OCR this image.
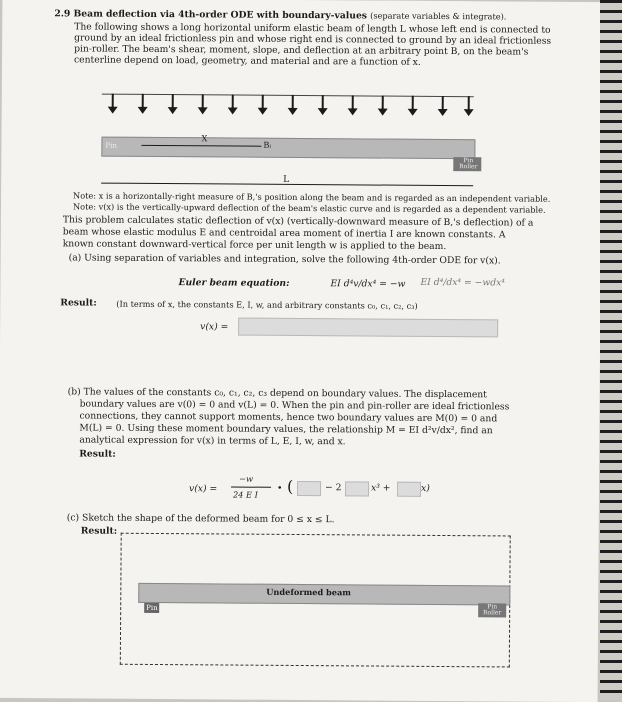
2.9 Beam deflection via 4th-order ODE with boundary-values (separate variables & integrate).
The following shows a long horizontal uniform elastic beam of length L whose left end is connected to
ground by an ideal frictionless pin and whose right end is connected to ground by an ideal frictionless
pin-roller. The beam's shear, moment, slope, and deflection at an arbitrary point B, on the beam's
centerline depend on load, geometry, and material and are a function of x.
X
Bᵢ
Pin
Pin Roller
L
Note: x is a horizontally-right measure of B,'s position along the beam and is regarded as an independent variable.
Note: v(x) is the vertically-upward deflection of the beam's elastic curve and is regarded as a dependent variable.
This problem calculates static deflection of v(x) (vertically-downward measure of B,'s deflection) of a
beam whose elastic modulus E and centroidal area moment of inertia I are known constants. A
known constant downward-vertical force per unit length w is applied to the beam.
(a) Using separation of variables and integration, solve the following 4th-order ODE for v(x).
Euler beam equation:	EI d⁴v/dx⁴ = −w EI d⁴/dx⁴ = −wdx⁴
Result: (In terms of x, the constants E, I, w, and arbitrary constants c₀, c₁, c₂, c₃)
v(x) =
(b) The values of the constants c₀, c₁, c₂, c₃ depend on boundary values. The displacement
boundary values are v(0) = 0 and v(L) = 0. When the pin and pin-roller are ideal frictionless
connections, they cannot support moments, hence two boundary values are M(0) = 0 and
M(L) = 0. Using these moment boundary values, the relationship M = EI d²v/dx², find an
analytical expression for v(x) in terms of L, E, I, w, and x.
Result:
v(x) =
−w
24 E I
• (	− 2	x³ +	x)
(c) Sketch the shape of the deformed beam for 0 ≤ x ≤ L.
Result:
Undeformed beam
Pin	Pin Roller
